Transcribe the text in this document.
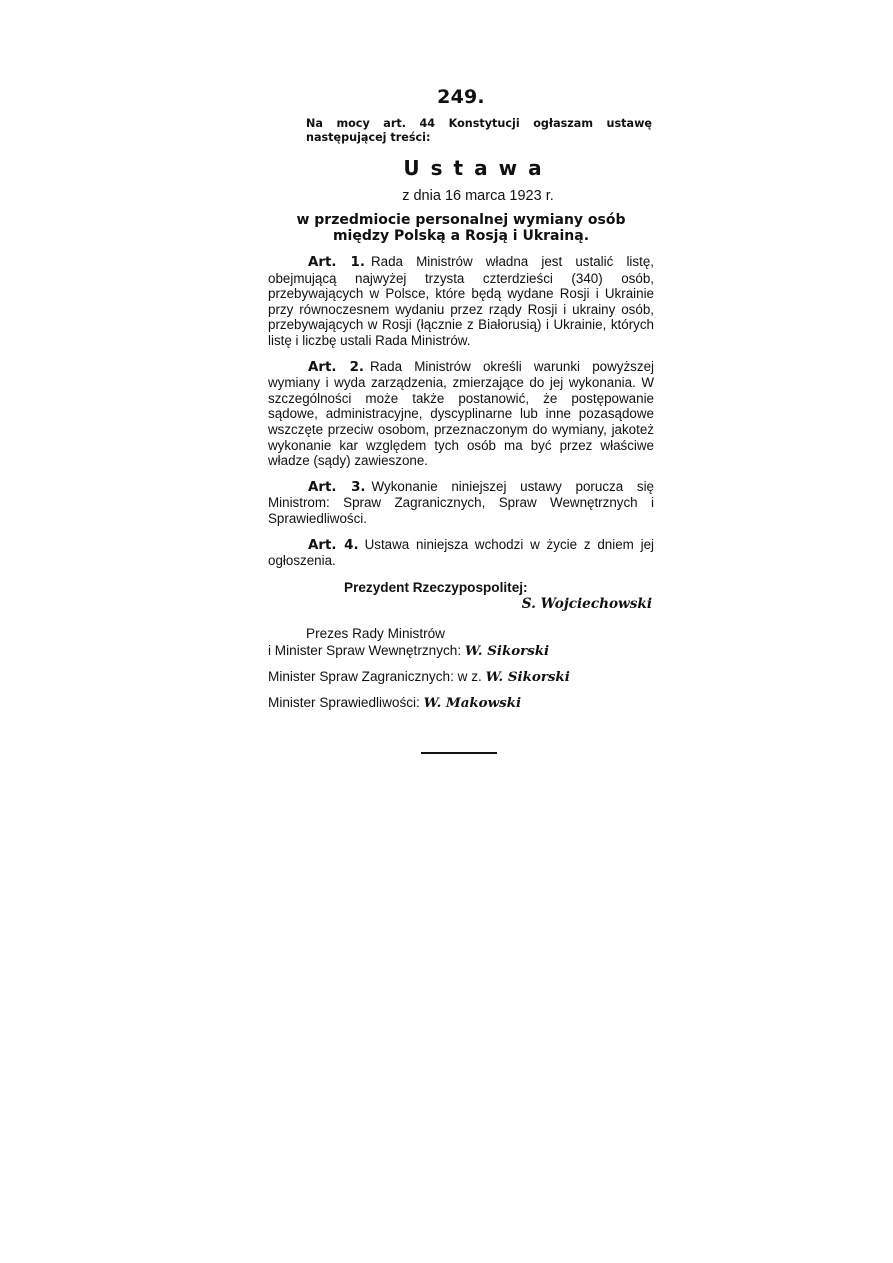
249.
Na mocy art. 44 Konstytucji ogłaszam ustawę następującej treści:
Ustawa
z dnia 16 marca 1923 r.
w przedmiocie personalnej wymiany osób między Polską a Rosją i Ukrainą.
Art. 1. Rada Ministrów władna jest ustalić listę, obejmującą najwyżej trzysta czterdzieści (340) osób, przebywających w Polsce, które będą wydane Rosji i Ukrainie przy równoczesnem wydaniu przez rządy Rosji i ukrainy osób, przebywających w Rosji (łącznie z Białorusią) i Ukrainie, których listę i liczbę ustali Rada Ministrów.
Art. 2. Rada Ministrów określi warunki powyższej wymiany i wyda zarządzenia, zmierzające do jej wykonania. W szczególności może także postanowić, że postępowanie sądowe, administracyjne, dyscyplinarne lub inne pozasądowe wszczęte przeciw osobom, przeznaczonym do wymiany, jakoteż wykonanie kar względem tych osób ma być przez właściwe władze (sądy) zawieszone.
Art. 3. Wykonanie niniejszej ustawy poruczа się Ministrom: Spraw Zagranicznych, Spraw Wewnętrznych i Sprawiedliwości.
Art. 4. Ustawa niniejsza wchodzi w życie z dniem jej ogłoszenia.
Prezydent Rzeczypospolitej:
S. Wojciechowski
Prezes Rady Ministrów
i Minister Spraw Wewnętrznych: W. Sikorski
Minister Spraw Zagranicznych: w z. W. Sikorski
Minister Sprawiedliwości: W. Makowski
